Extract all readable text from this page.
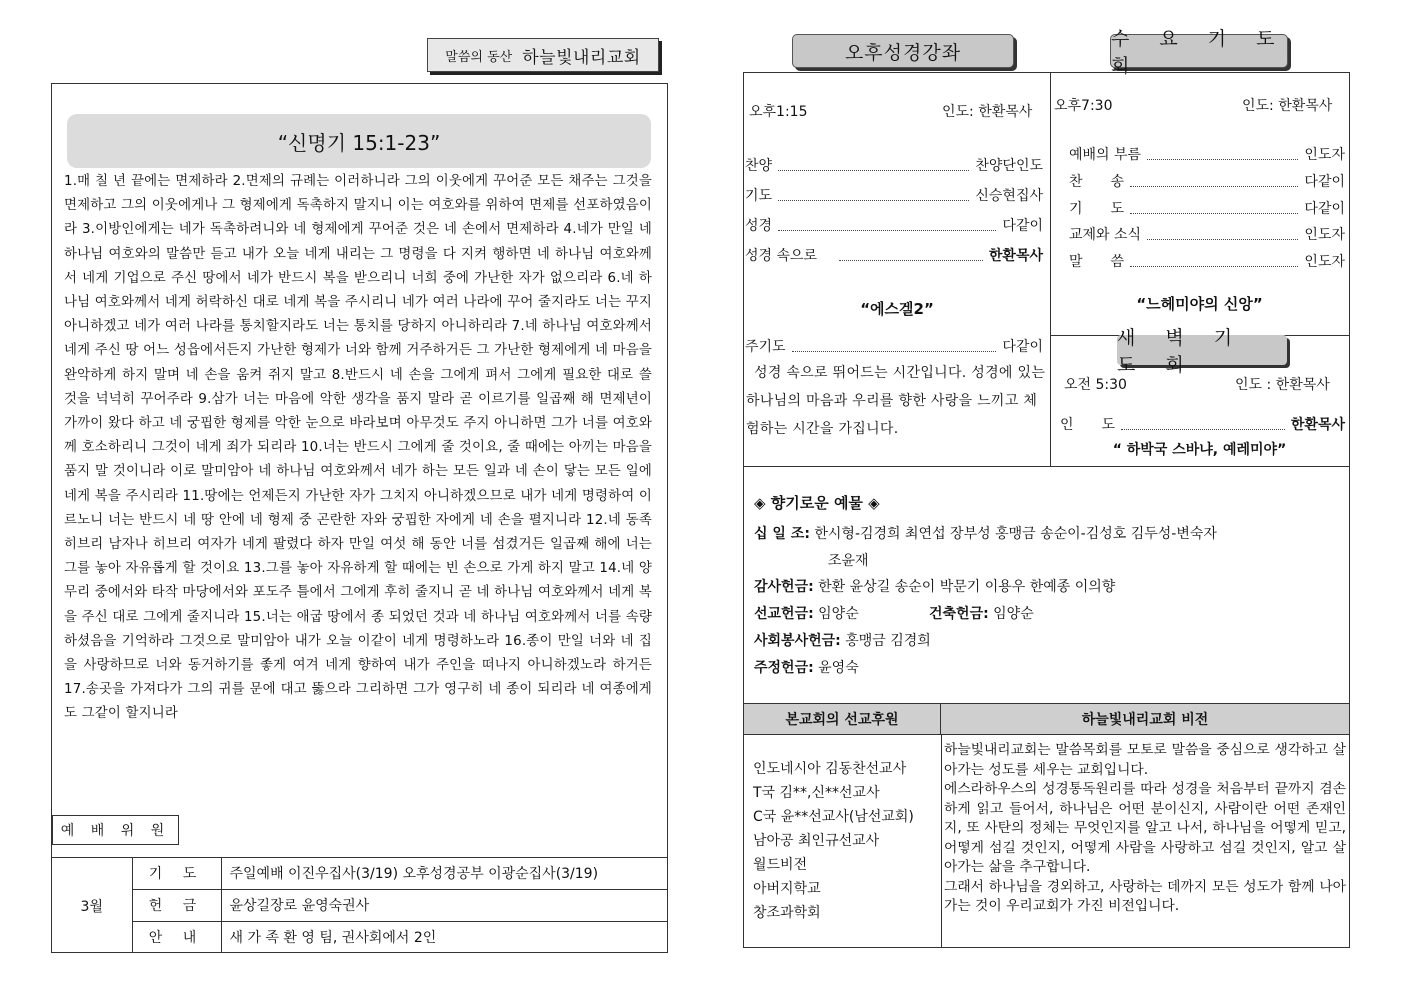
말씀의 동산 하늘빛내리교회
“신명기 15:1-23”
1.매 칠 년 끝에는 면제하라 2.면제의 규례는 이러하니라 그의 이웃에게 꾸어준 모든 채주는 그것을 면제하고 그의 이웃에게나 그 형제에게 독촉하지 말지니 이는 여호와를 위하여 면제를 선포하였음이라 3.이방인에게는 네가 독촉하려니와 네 형제에게 꾸어준 것은 네 손에서 면제하라 4.네가 만일 네 하나님 여호와의 말씀만 듣고 내가 오늘 네게 내리는 그 명령을 다 지켜 행하면 네 하나님 여호와께서 네게 기업으로 주신 땅에서 네가 반드시 복을 받으리니 너희 중에 가난한 자가 없으리라 6.네 하나님 여호와께서 네게 허락하신 대로 네게 복을 주시리니 네가 여러 나라에 꾸어 줄지라도 너는 꾸지 아니하겠고 네가 여러 나라를 통치할지라도 너는 통치를 당하지 아니하리라 7.네 하나님 여호와께서 네게 주신 땅 어느 성읍에서든지 가난한 형제가 너와 함께 거주하거든 그 가난한 형제에게 네 마음을 완악하게 하지 말며 네 손을 움켜 쥐지 말고 8.반드시 네 손을 그에게 펴서 그에게 필요한 대로 쓸 것을 넉넉히 꾸어주라 9.삼가 너는 마음에 악한 생각을 품지 말라 곧 이르기를 일곱째 해 면제년이 가까이 왔다 하고 네 궁핍한 형제를 악한 눈으로 바라보며 아무것도 주지 아니하면 그가 너를 여호와께 호소하리니 그것이 네게 죄가 되리라 10.너는 반드시 그에게 줄 것이요, 줄 때에는 아끼는 마음을 품지 말 것이니라 이로 말미암아 네 하나님 여호와께서 네가 하는 모든 일과 네 손이 닿는 모든 일에 네게 복을 주시리라 11.땅에는 언제든지 가난한 자가 그치지 아니하겠으므로 내가 네게 명령하여 이르노니 너는 반드시 네 땅 안에 네 형제 중 곤란한 자와 궁핍한 자에게 네 손을 펼지니라 12.네 동족 히브리 남자나 히브리 여자가 네게 팔렸다 하자 만일 여섯 해 동안 너를 섬겼거든 일곱째 해에 너는 그를 놓아 자유롭게 할 것이요 13.그를 놓아 자유하게 할 때에는 빈 손으로 가게 하지 말고 14.네 양 무리 중에서와 타작 마당에서와 포도주 틀에서 그에게 후히 줄지니 곧 네 하나님 여호와께서 네게 복을 주신 대로 그에게 줄지니라 15.너는 애굽 땅에서 종 되었던 것과 네 하나님 여호와께서 너를 속량하셨음을 기억하라 그것으로 말미암아 내가 오늘 이같이 네게 명령하노라 16.종이 만일 너와 네 집을 사랑하므로 너와 동거하기를 좋게 여겨 네게 향하여 내가 주인을 떠나지 아니하겠노라 하거든 17.송곳을 가져다가 그의 귀를 문에 대고 뚫으라 그리하면 그가 영구히 네 종이 되리라 네 여종에게도 그같이 할지니라
예 배 위 원
3월	기 도	주일예배 이진우집사(3/19) 오후성경공부 이광순집사(3/19)
	헌 금	윤상길장로 윤영숙권사
	안 내	새 가 족 환 영 팀, 권사회에서 2인
오후성경강좌
수 요 기 도 회
오후1:15	인도: 한환목사
찬양	찬양단인도
기도	신승현집사
성경	다같이
성경 속으로	한환목사
“에스겔2”
주기도	다같이
성경 속으로 뛰어드는 시간입니다. 성경에 있는 하나님의 마음과 우리를 향한 사랑을 느끼고 체험하는 시간을 가집니다.
오후7:30	인도: 한환목사
예배의 부름	인도자
찬　　송	다같이
기　　도	다같이
교제와 소식	인도자
말　　씀	인도자
“느헤미야의 신앙”
새 벽 기 도 회
오전 5:30	인도 : 한환목사
인　　도	한환목사
“ 하박국 스바냐, 예레미야”
◈ 향기로운 예물 ◈
십 일 조: 한시형-김경희 최연섭 장부성 홍맹금 송순이-김성호 김두성-변숙자
조윤재
감사헌금: 한환 윤상길 송순이 박문기 이용우 한예종 이의향
선교헌금: 임양순	건축헌금: 임양순
사회봉사헌금: 홍맹금 김경희
주정헌금: 윤영숙
본교회의 선교후원	하늘빛내리교회 비전
인도네시아 김동찬선교사
T국 김**,신**선교사
C국 윤**선교사(남선교회)
남아공 최인규선교사
월드비전
아버지학교
창조과학회
하늘빛내리교회는 말씀목회를 모토로 말씀을 중심으로 생각하고 살아가는 성도를 세우는 교회입니다.
에스라하우스의 성경통독원리를 따라 성경을 처음부터 끝까지 겸손하게 읽고 들어서, 하나님은 어떤 분이신지, 사람이란 어떤 존재인지, 또 사탄의 정체는 무엇인지를 알고 나서, 하나님을 어떻게 믿고, 어떻게 섬길 것인지, 어떻게 사람을 사랑하고 섬길 것인지, 알고 살아가는 삶을 추구합니다.
그래서 하나님을 경외하고, 사랑하는 데까지 모든 성도가 함께 나아가는 것이 우리교회가 가진 비전입니다.
